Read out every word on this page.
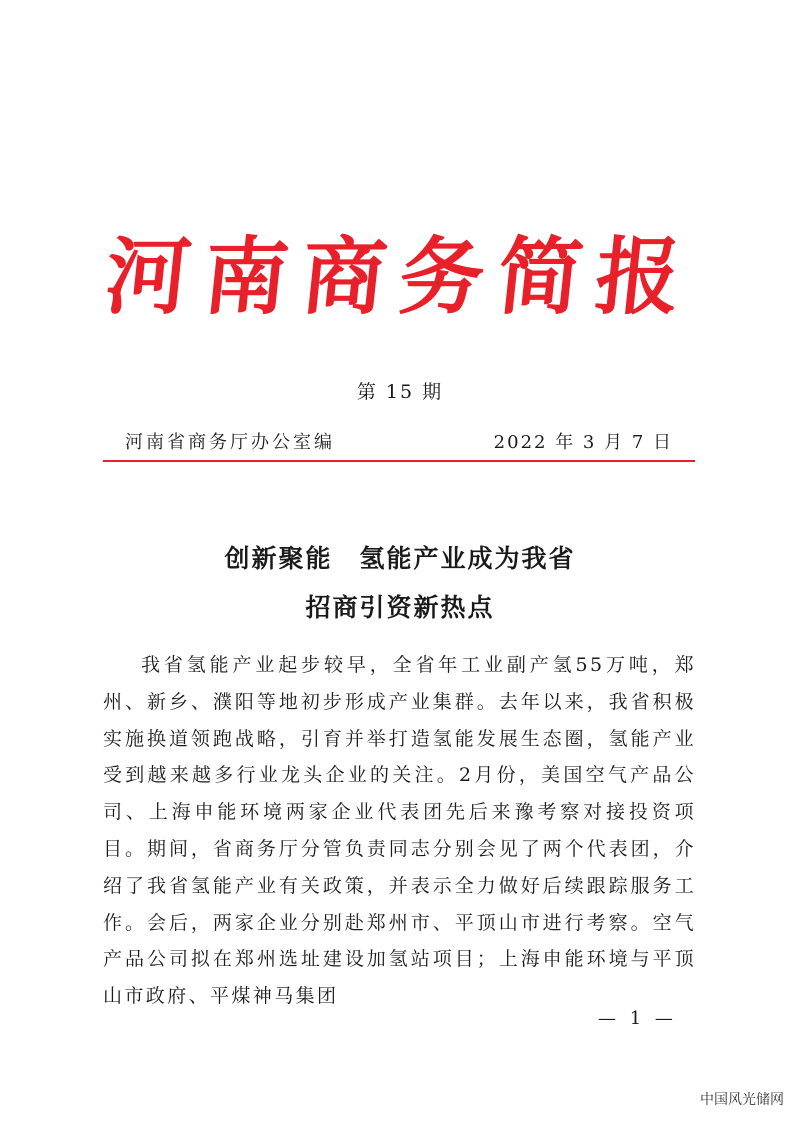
河南商务简报
第 15 期
河南省商务厅办公室编	2022 年 3 月 7 日
创新聚能　氢能产业成为我省
招商引资新热点

我省氢能产业起步较早，全省年工业副产氢55万吨，郑州、新乡、濮阳等地初步形成产业集群。去年以来，我省积极实施换道领跑战略，引育并举打造氢能发展生态圈，氢能产业受到越来越多行业龙头企业的关注。2月份，美国空气产品公司、上海申能环境两家企业代表团先后来豫考察对接投资项目。期间，省商务厅分管负责同志分别会见了两个代表团，介绍了我省氢能产业有关政策，并表示全力做好后续跟踪服务工作。会后，两家企业分别赴郑州市、平顶山市进行考察。空气产品公司拟在郑州选址建设加氢站项目；上海申能环境与平顶山市政府、平煤神马集团

— 1 —
中国风光储网
